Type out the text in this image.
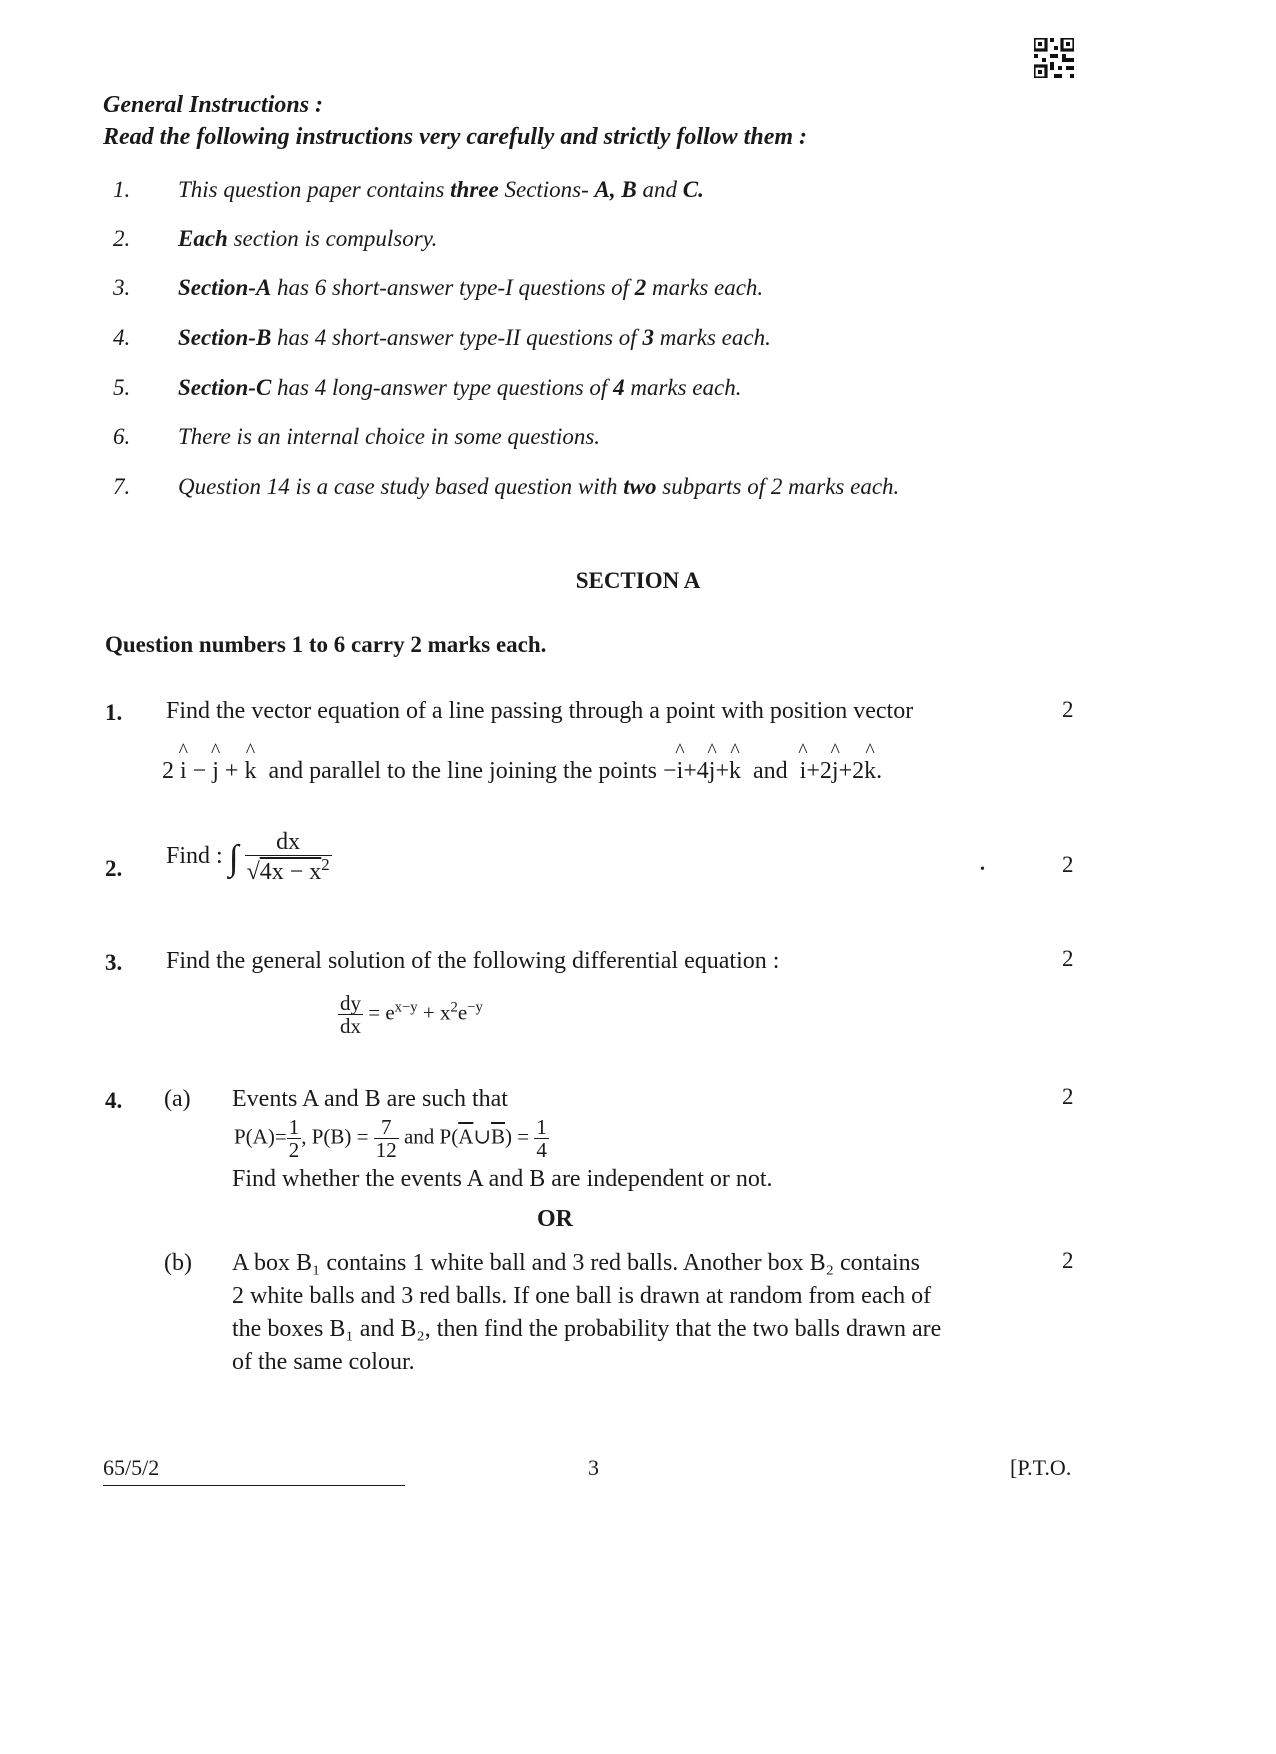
General Instructions :
Read the following instructions very carefully and strictly follow them :
1. This question paper contains three Sections- A, B and C.
2. Each section is compulsory.
3. Section-A has 6 short-answer type-I questions of 2 marks each.
4. Section-B has 4 short-answer type-II questions of 3 marks each.
5. Section-C has 4 long-answer type questions of 4 marks each.
6. There is an internal choice in some questions.
7. Question 14 is a case study based question with two subparts of 2 marks each.
SECTION A
Question numbers 1 to 6 carry 2 marks each.
1. Find the vector equation of a line passing through a point with position vector	2
2 ^ i − ^ j + ^ k and parallel to the line joining the points −^ i+4^ j+^ k and ^ i+2^ j+2^ k.
2. Find : ∫ $\frac{dx}{√4x - x^2}$	•	2
3. Find the general solution of the following differential equation :	2
$\frac{dy}{dx} = e^{x-y} + x^2e^{-y}$
4. (a) Events A and B are such that	2
$P(A)= \frac{1}{2}$ , $P(B) = \frac{7}{12}$ and $P(\overline{A}\cup\overline{B}) = \frac{1}{4}$
Find whether the events A and B are independent or not.
OR
(b)	2
A box B₁ contains 1 white ball and 3 red balls. Another box B₂ contains
2 white balls and 3 red balls. If one ball is drawn at random from each of
the boxes B₁ and B₂, then find the probability that the two balls drawn are
of the same colour.
65/5/2	3	[P.T.O.
